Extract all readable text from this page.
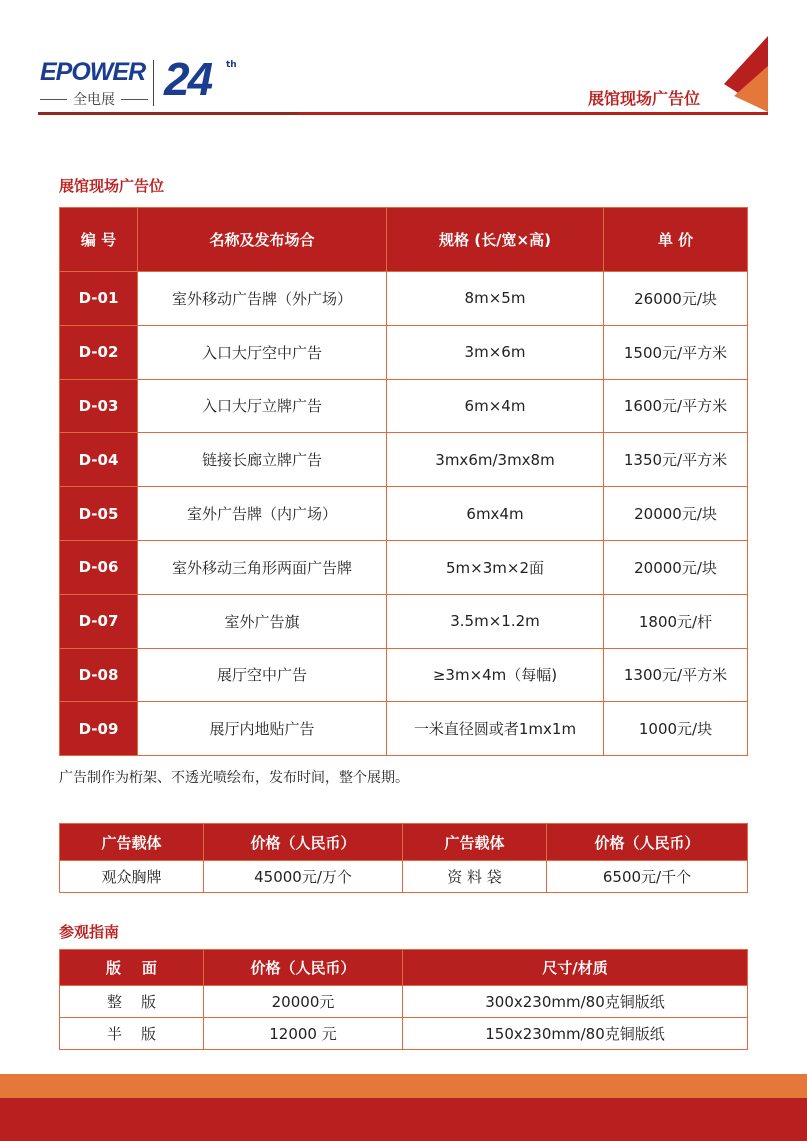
EPOWER
全电展 24 th
展馆现场广告位
展馆现场广告位
编 号	名称及发布场合	规格 (长/宽×高)	单 价
D-01	室外移动广告牌（外广场）	8m×5m	26000元/块
D-02	入口大厅空中广告	3m×6m	1500元/平方米
D-03	入口大厅立牌广告	6m×4m	1600元/平方米
D-04	链接长廊立牌广告	3mx6m/3mx8m	1350元/平方米
D-05	室外广告牌（内广场）	6mx4m	20000元/块
D-06	室外移动三角形两面广告牌	5m×3m×2面	20000元/块
D-07	室外广告旗	3.5m×1.2m	1800元/杆
D-08	展厅空中广告	≥3m×4m（每幅)	1300元/平方米
D-09	展厅内地贴广告	一米直径圆或者1mx1m	1000元/块
广告制作为桁架、不透光喷绘布，发布时间，整个展期。
广告载体	价格（人民币）	广告载体	价格（人民币）
观众胸牌	45000元/万个	资 料 袋	6500元/千个
参观指南
版    面	价格（人民币）	尺寸/材质
整    版	20000元	300x230mm/80克铜版纸
半    版	12000 元	150x230mm/80克铜版纸
